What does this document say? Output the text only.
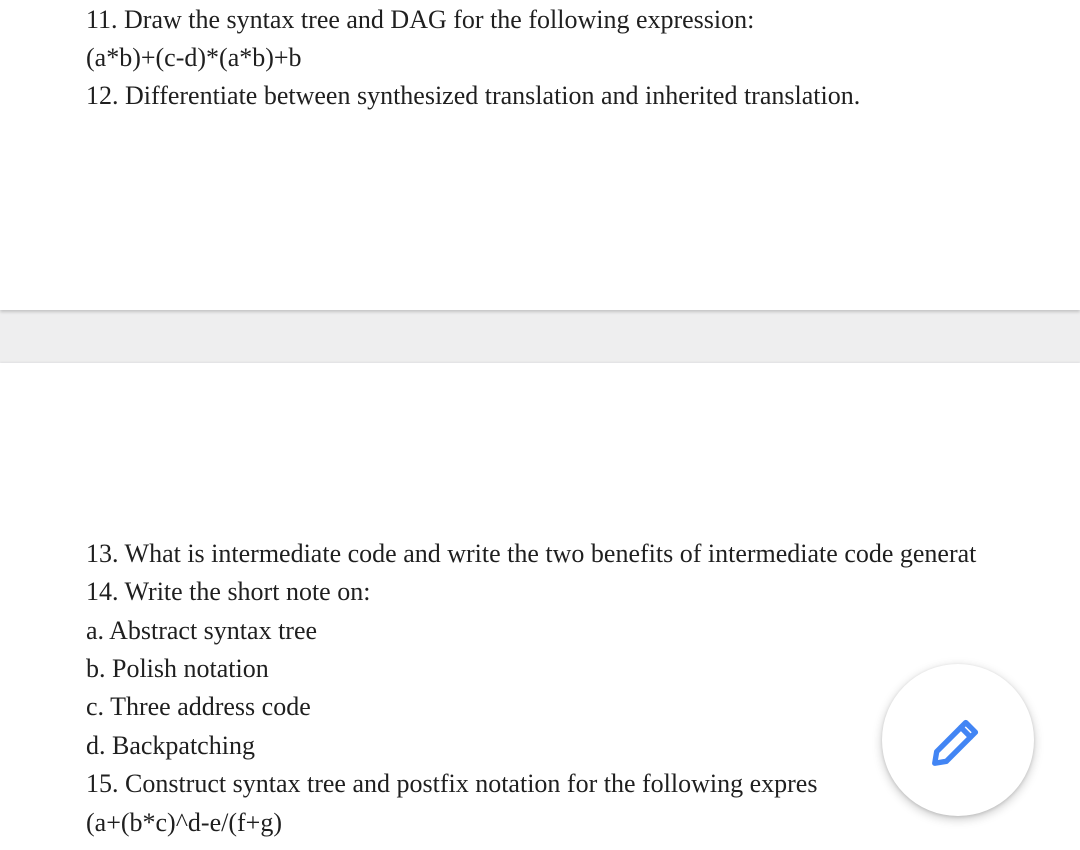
11. Draw the syntax tree and DAG for the following expression:

(a*b)+(c-d)*(a*b)+b

12. Differentiate between synthesized translation and inherited translation.

13. What is intermediate code and write the two benefits of intermediate code generat

14. Write the short note on:

a. Abstract syntax tree

b. Polish notation

c. Three address code

d. Backpatching

15. Construct syntax tree and postfix notation for the following expres

(a+(b*c)^d-e/(f+g)
